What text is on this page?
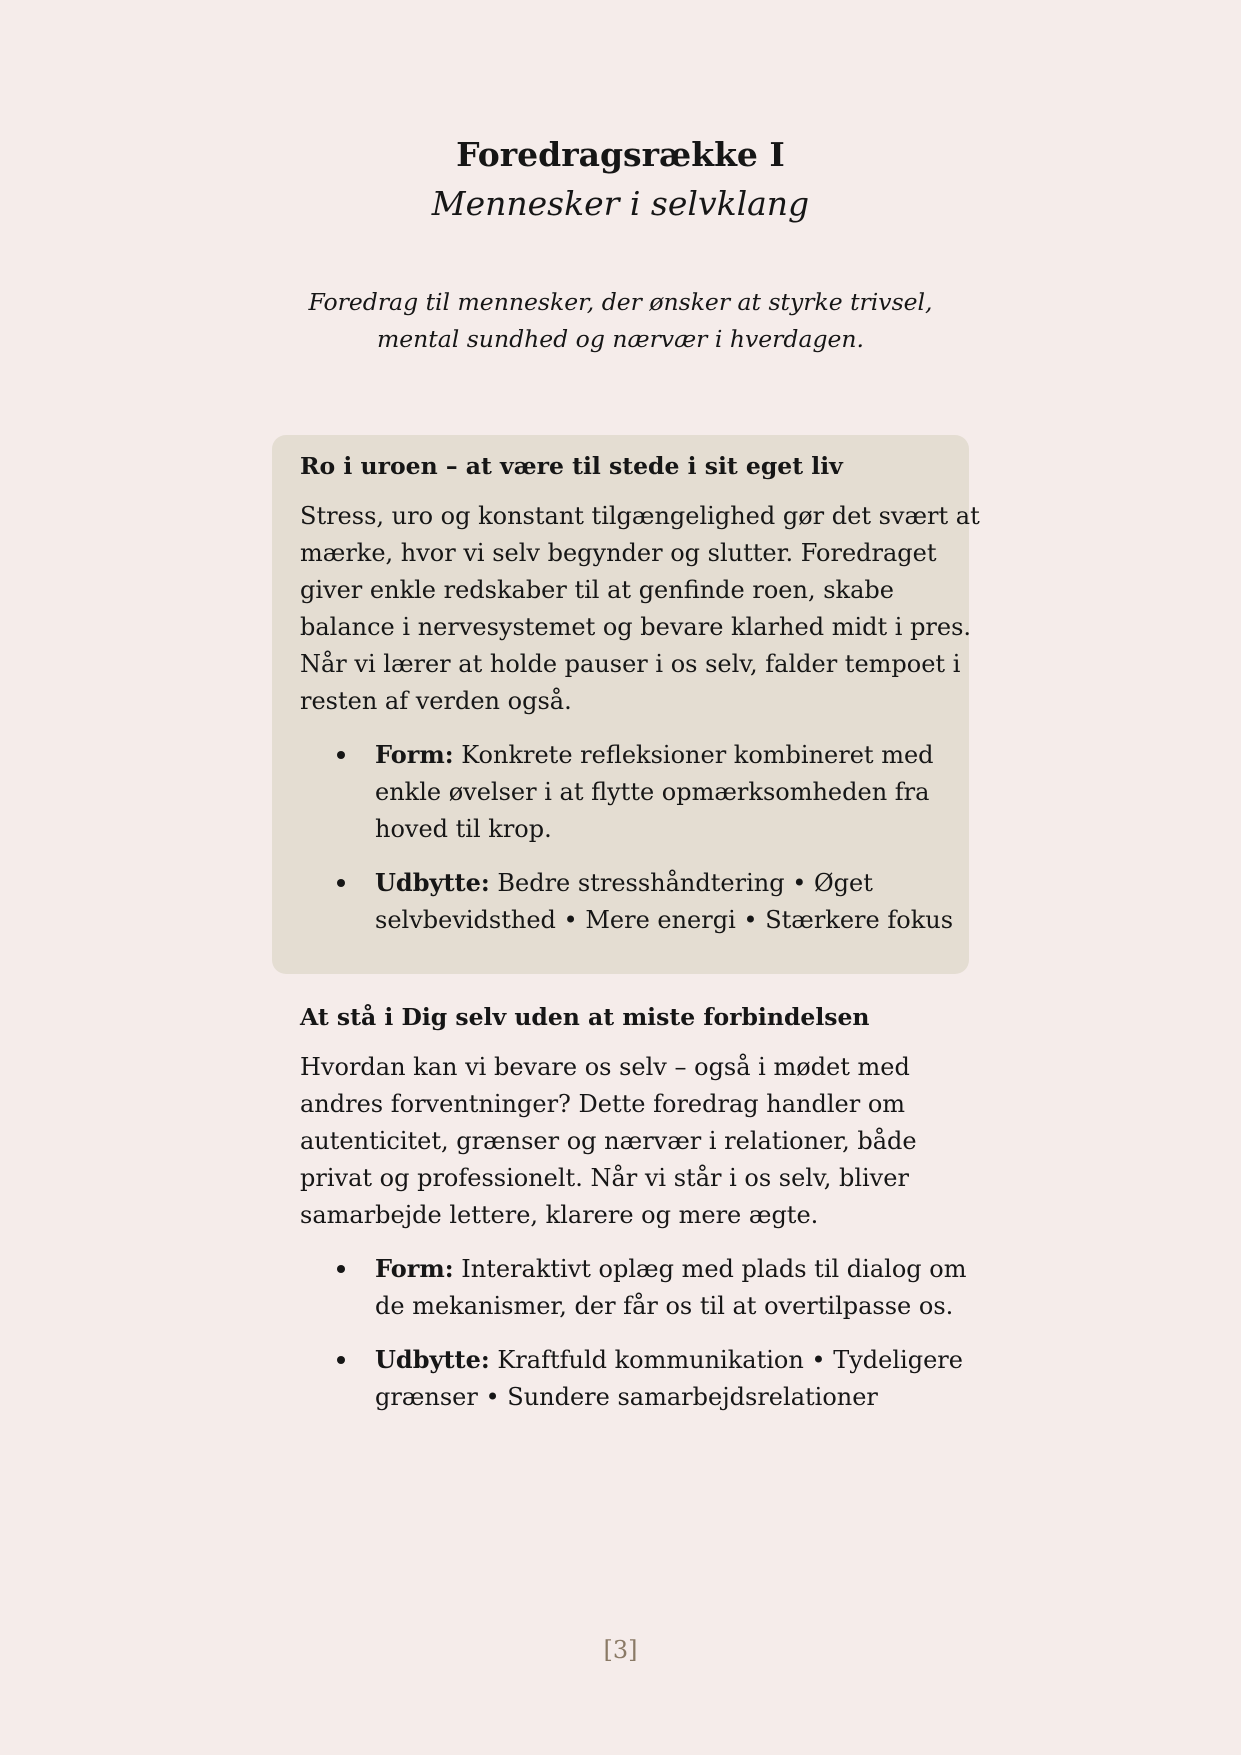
Foredragsrække I
Mennesker i selvklang
Foredrag til mennesker, der ønsker at styrke trivsel,
mental sundhed og nærvær i hverdagen.
Ro i uroen – at være til stede i sit eget liv
Stress, uro og konstant tilgængelighed gør det svært at
mærke, hvor vi selv begynder og slutter. Foredraget
giver enkle redskaber til at genfinde roen, skabe
balance i nervesystemet og bevare klarhed midt i pres.
Når vi lærer at holde pauser i os selv, falder tempoet i
resten af verden også.
Form: Konkrete refleksioner kombineret med
enkle øvelser i at flytte opmærksomheden fra
hoved til krop.
Udbytte: Bedre stresshåndtering • Øget
selvbevidsthed • Mere energi • Stærkere fokus
At stå i Dig selv uden at miste forbindelsen
Hvordan kan vi bevare os selv – også i mødet med
andres forventninger? Dette foredrag handler om
autenticitet, grænser og nærvær i relationer, både
privat og professionelt. Når vi står i os selv, bliver
samarbejde lettere, klarere og mere ægte.
Form: Interaktivt oplæg med plads til dialog om
de mekanismer, der får os til at overtilpasse os.
Udbytte: Kraftfuld kommunikation • Tydeligere
grænser • Sundere samarbejdsrelationer
[3]
